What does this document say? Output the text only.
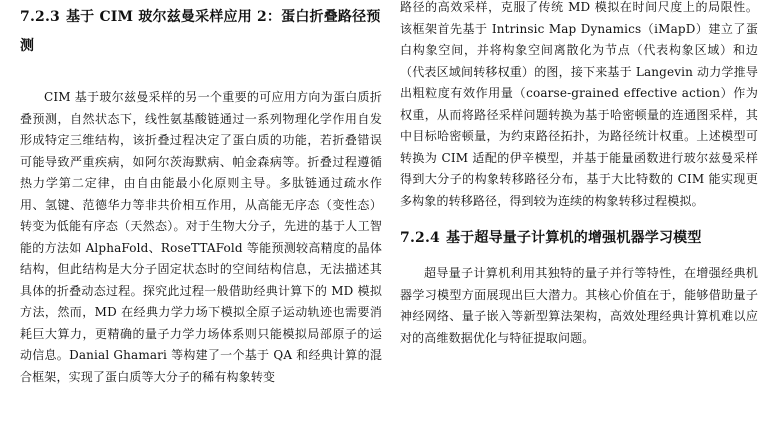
7.2.3 基于 CIM 玻尔兹曼采样应用 2：蛋白折叠路径预测

CIM 基于玻尔兹曼采样的另一个重要的可应用方向为蛋白质折叠预测，自然状态下，线性氨基酸链通过一系列物理化学作用自发形成特定三维结构，该折叠过程决定了蛋白质的功能，若折叠错误可能导致严重疾病，如阿尔茨海默病、帕金森病等。折叠过程遵循热力学第二定律，由自由能最小化原则主导。多肽链通过疏水作用、氢键、范德华力等非共价相互作用，从高能无序态（变性态）转变为低能有序态（天然态）。对于生物大分子，先进的基于人工智能的方法如 AlphaFold、RoseTTAFold 等能预测较高精度的晶体结构，但此结构是大分子固定状态时的空间结构信息，无法描述其具体的折叠动态过程。探究此过程一般借助经典计算下的 MD 模拟方法，然而，MD 在经典力学力场下模拟全原子运动轨迹也需要消耗巨大算力，更精确的量子力学力场体系则只能模拟局部原子的运动信息。Danial Ghamari 等构建了一个基于 QA 和经典计算的混合框架，实现了蛋白质等大分子的稀有构象转变

路径的高效采样，克服了传统 MD 模拟在时间尺度上的局限性。该框架首先基于 Intrinsic Map Dynamics（iMapD）建立了蛋白构象空间，并将构象空间离散化为节点（代表构象区域）和边（代表区域间转移权重）的图，接下来基于 Langevin 动力学推导出粗粒度有效作用量（coarse-grained effective action）作为权重，从而将路径采样问题转换为基于哈密顿量的连通图采样，其中目标哈密顿量，为约束路径拓扑，为路径统计权重。上述模型可转换为 CIM 适配的伊辛模型，并基于能量函数进行玻尔兹曼采样得到大分子的构象转移路径分布，基于大比特数的 CIM 能实现更多构象的转移路径，得到较为连续的构象转移过程模拟。

7.2.4 基于超导量子计算机的增强机器学习模型

超导量子计算机利用其独特的量子并行等特性，在增强经典机器学习模型方面展现出巨大潜力。其核心价值在于，能够借助量子神经网络、量子嵌入等新型算法架构，高效处理经典计算机难以应对的高维数据优化与特征提取问题。
